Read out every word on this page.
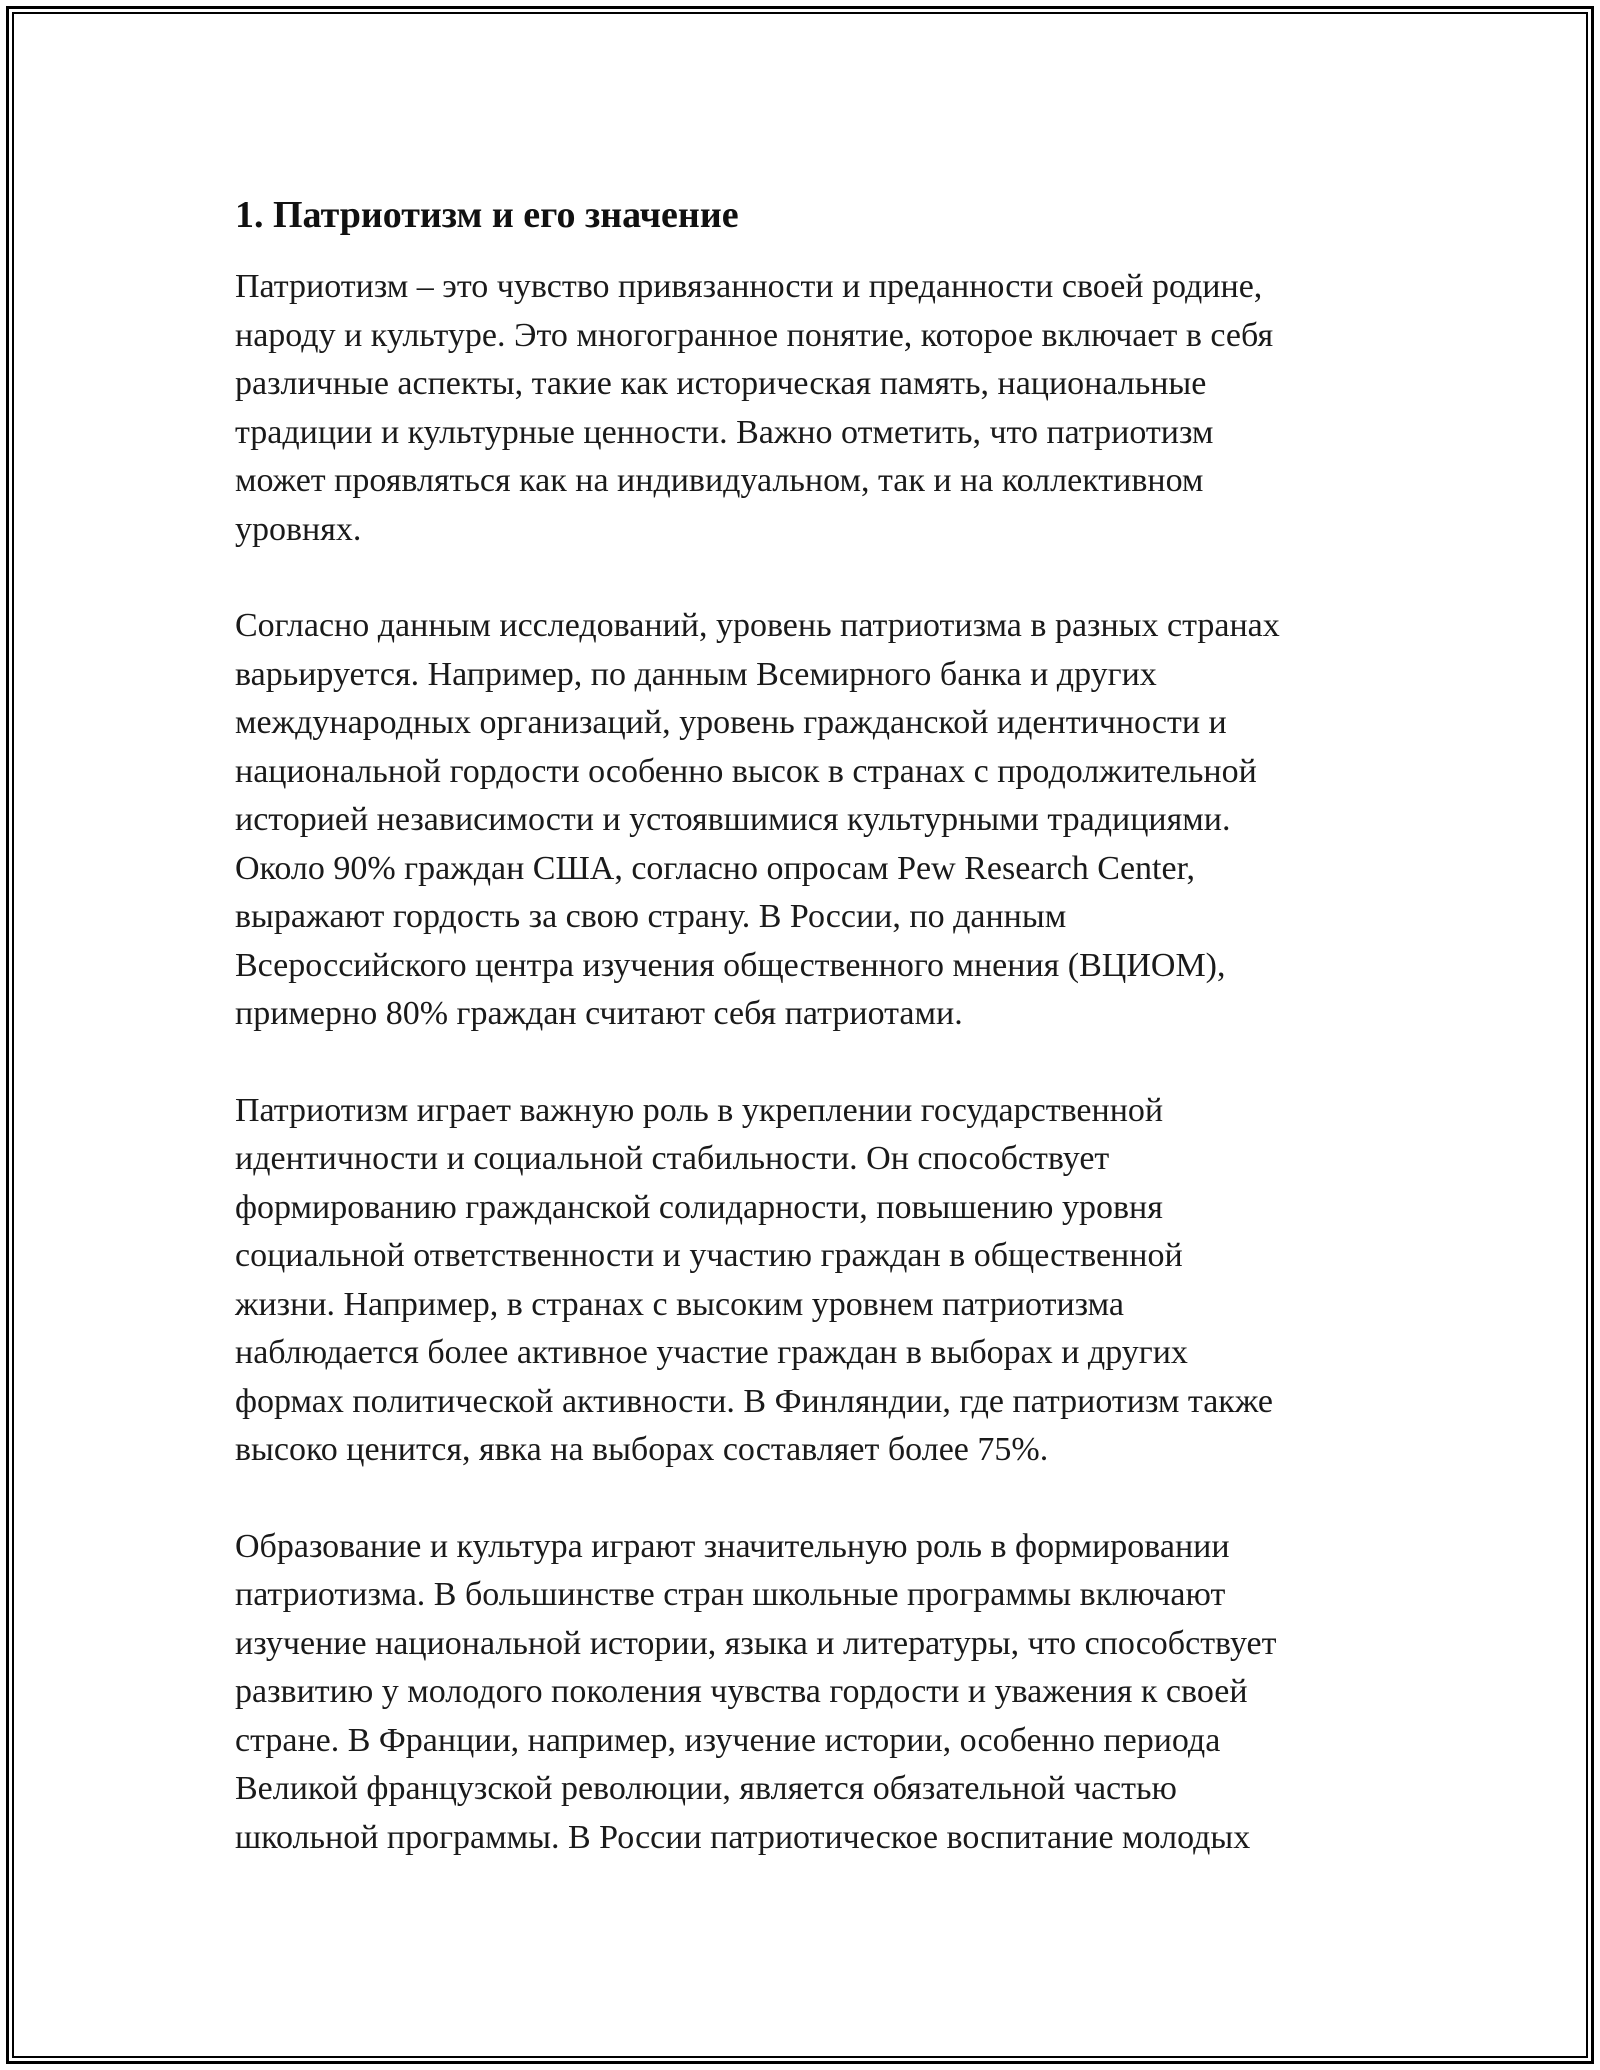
1. Патриотизм и его значение

Патриотизм – это чувство привязанности и преданности своей родине,
народу и культуре. Это многогранное понятие, которое включает в себя
различные аспекты, такие как историческая память, национальные
традиции и культурные ценности. Важно отметить, что патриотизм
может проявляться как на индивидуальном, так и на коллективном
уровнях.

Согласно данным исследований, уровень патриотизма в разных странах
варьируется. Например, по данным Всемирного банка и других
международных организаций, уровень гражданской идентичности и
национальной гордости особенно высок в странах с продолжительной
историей независимости и устоявшимися культурными традициями.
Около 90% граждан США, согласно опросам Pew Research Center,
выражают гордость за свою страну. В России, по данным
Всероссийского центра изучения общественного мнения (ВЦИОМ),
примерно 80% граждан считают себя патриотами.

Патриотизм играет важную роль в укреплении государственной
идентичности и социальной стабильности. Он способствует
формированию гражданской солидарности, повышению уровня
социальной ответственности и участию граждан в общественной
жизни. Например, в странах с высоким уровнем патриотизма
наблюдается более активное участие граждан в выборах и других
формах политической активности. В Финляндии, где патриотизм также
высоко ценится, явка на выборах составляет более 75%.

Образование и культура играют значительную роль в формировании
патриотизма. В большинстве стран школьные программы включают
изучение национальной истории, языка и литературы, что способствует
развитию у молодого поколения чувства гордости и уважения к своей
стране. В Франции, например, изучение истории, особенно периода
Великой французской революции, является обязательной частью
школьной программы. В России патриотическое воспитание молодых
